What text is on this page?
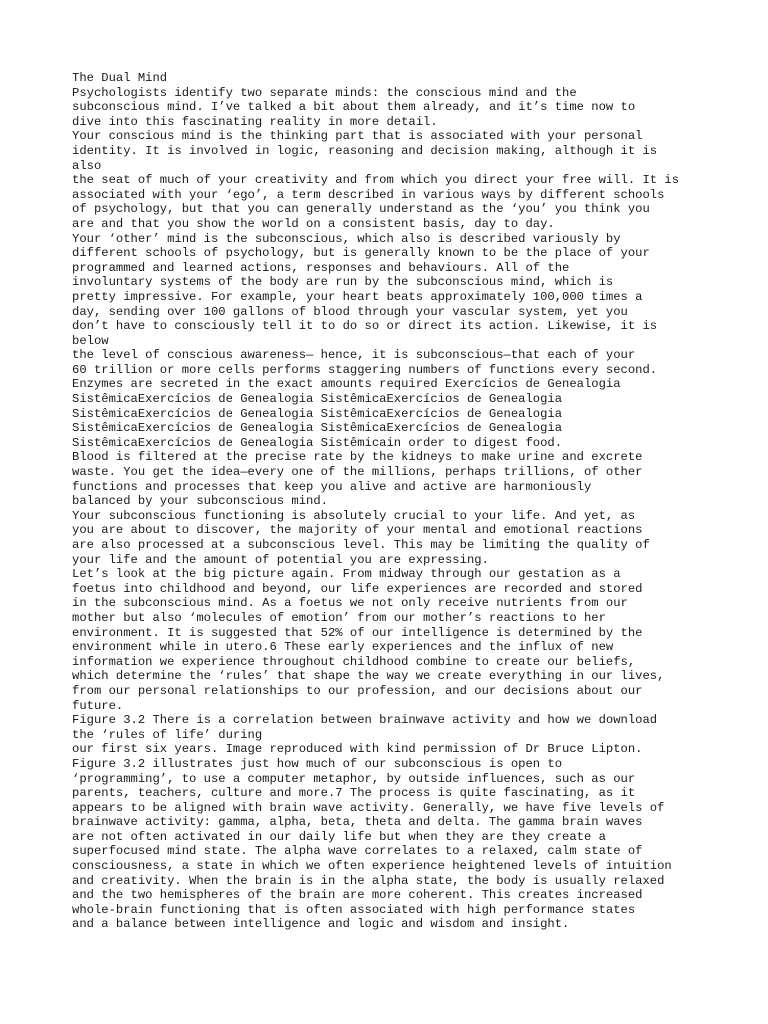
The Dual Mind
Psychologists identify two separate minds: the conscious mind and the
subconscious mind. I’ve talked a bit about them already, and it’s time now to
dive into this fascinating reality in more detail.
Your conscious mind is the thinking part that is associated with your personal
identity. It is involved in logic, reasoning and decision making, although it is
also
the seat of much of your creativity and from which you direct your free will. It is
associated with your ‘ego’, a term described in various ways by different schools
of psychology, but that you can generally understand as the ‘you’ you think you
are and that you show the world on a consistent basis, day to day.
Your ‘other’ mind is the subconscious, which also is described variously by
different schools of psychology, but is generally known to be the place of your
programmed and learned actions, responses and behaviours. All of the
involuntary systems of the body are run by the subconscious mind, which is
pretty impressive. For example, your heart beats approximately 100,000 times a
day, sending over 100 gallons of blood through your vascular system, yet you
don’t have to consciously tell it to do so or direct its action. Likewise, it is
below
the level of conscious awareness— hence, it is subconscious—that each of your
60 trillion or more cells performs staggering numbers of functions every second.
Enzymes are secreted in the exact amounts required Exercícios de Genealogia
SistêmicaExercícios de Genealogia SistêmicaExercícios de Genealogia
SistêmicaExercícios de Genealogia SistêmicaExercícios de Genealogia
SistêmicaExercícios de Genealogia SistêmicaExercícios de Genealogia
SistêmicaExercícios de Genealogia Sistêmicain order to digest food.
Blood is filtered at the precise rate by the kidneys to make urine and excrete
waste. You get the idea—every one of the millions, perhaps trillions, of other
functions and processes that keep you alive and active are harmoniously
balanced by your subconscious mind.
Your subconscious functioning is absolutely crucial to your life. And yet, as
you are about to discover, the majority of your mental and emotional reactions
are also processed at a subconscious level. This may be limiting the quality of
your life and the amount of potential you are expressing.
Let’s look at the big picture again. From midway through our gestation as a
foetus into childhood and beyond, our life experiences are recorded and stored
in the subconscious mind. As a foetus we not only receive nutrients from our
mother but also ‘molecules of emotion’ from our mother’s reactions to her
environment. It is suggested that 52% of our intelligence is determined by the
environment while in utero.6 These early experiences and the influx of new
information we experience throughout childhood combine to create our beliefs,
which determine the ‘rules’ that shape the way we create everything in our lives,
from our personal relationships to our profession, and our decisions about our
future.
Figure 3.2 There is a correlation between brainwave activity and how we download
the ‘rules of life’ during
our first six years. Image reproduced with kind permission of Dr Bruce Lipton.
Figure 3.2 illustrates just how much of our subconscious is open to
‘programming’, to use a computer metaphor, by outside influences, such as our
parents, teachers, culture and more.7 The process is quite fascinating, as it
appears to be aligned with brain wave activity. Generally, we have five levels of
brainwave activity: gamma, alpha, beta, theta and delta. The gamma brain waves
are not often activated in our daily life but when they are they create a
superfocused mind state. The alpha wave correlates to a relaxed, calm state of
consciousness, a state in which we often experience heightened levels of intuition
and creativity. When the brain is in the alpha state, the body is usually relaxed
and the two hemispheres of the brain are more coherent. This creates increased
whole-brain functioning that is often associated with high performance states
and a balance between intelligence and logic and wisdom and insight.
